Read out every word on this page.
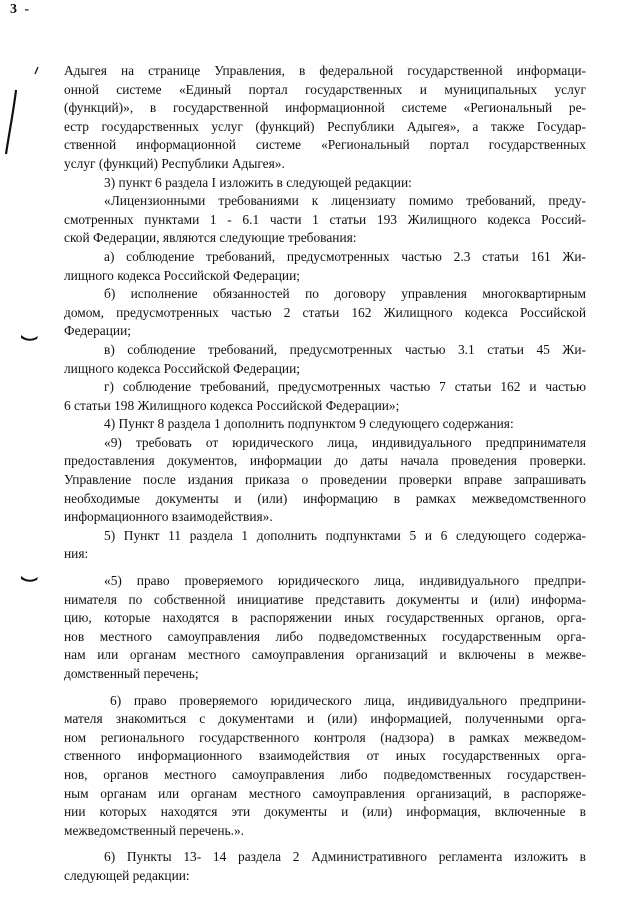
3 -

Адыгея на странице Управления, в федеральной государственной информаци-

онной системе «Единый портал государственных и муниципальных услуг

(функций)», в государственной информационной системе «Региональный ре-

естр государственных услуг (функций) Республики Адыгея», а также Государ-

ственной информационной системе «Региональный портал государственных

услуг (функций) Республики Адыгея».

3) пункт 6 раздела I изложить в следующей редакции:

«Лицензионными требованиями к лицензиату помимо требований, преду-

смотренных пунктами 1 - 6.1 части 1 статьи 193 Жилищного кодекса Россий-

ской Федерации, являются следующие требования:

а) соблюдение требований, предусмотренных частью 2.3 статьи 161 Жи-

лищного кодекса Российской Федерации;

б) исполнение обязанностей по договору управления многоквартирным

домом, предусмотренных частью 2 статьи 162 Жилищного кодекса Российской

Федерации;

в) соблюдение требований, предусмотренных частью 3.1 статьи 45 Жи-

лищного кодекса Российской Федерации;

г) соблюдение требований, предусмотренных частью 7 статьи 162 и частью

6 статьи 198 Жилищного кодекса Российской Федерации»;

4) Пункт 8 раздела 1 дополнить подпунктом 9 следующего содержания:

«9) требовать от юридического лица, индивидуального предпринимателя

предоставления документов, информации до даты начала проведения проверки.

Управление после издания приказа о проведении проверки вправе запрашивать

необходимые документы и (или) информацию в рамках межведомственного

информационного взаимодействия».

5) Пункт 11 раздела 1 дополнить подпунктами 5 и 6 следующего содержа-

ния:

«5) право проверяемого юридического лица, индивидуального предпри-

нимателя по собственной инициативе представить документы и (или) информа-

цию, которые находятся в распоряжении иных государственных органов, орга-

нов местного самоуправления либо подведомственных государственным орга-

нам или органам местного самоуправления организаций и включены в межве-

домственный перечень;

6) право проверяемого юридического лица, индивидуального предприни-

мателя знакомиться с документами и (или) информацией, полученными орга-

ном регионального государственного контроля (надзора) в рамках межведом-

ственного информационного взаимодействия от иных государственных орга-

нов, органов местного самоуправления либо подведомственных государствен-

ным органам или органам местного самоуправления организаций, в распоряже-

нии которых находятся эти документы и (или) информация, включенные в

межведомственный перечень.».

6) Пункты 13- 14 раздела 2 Административного регламента изложить в

следующей редакции:
